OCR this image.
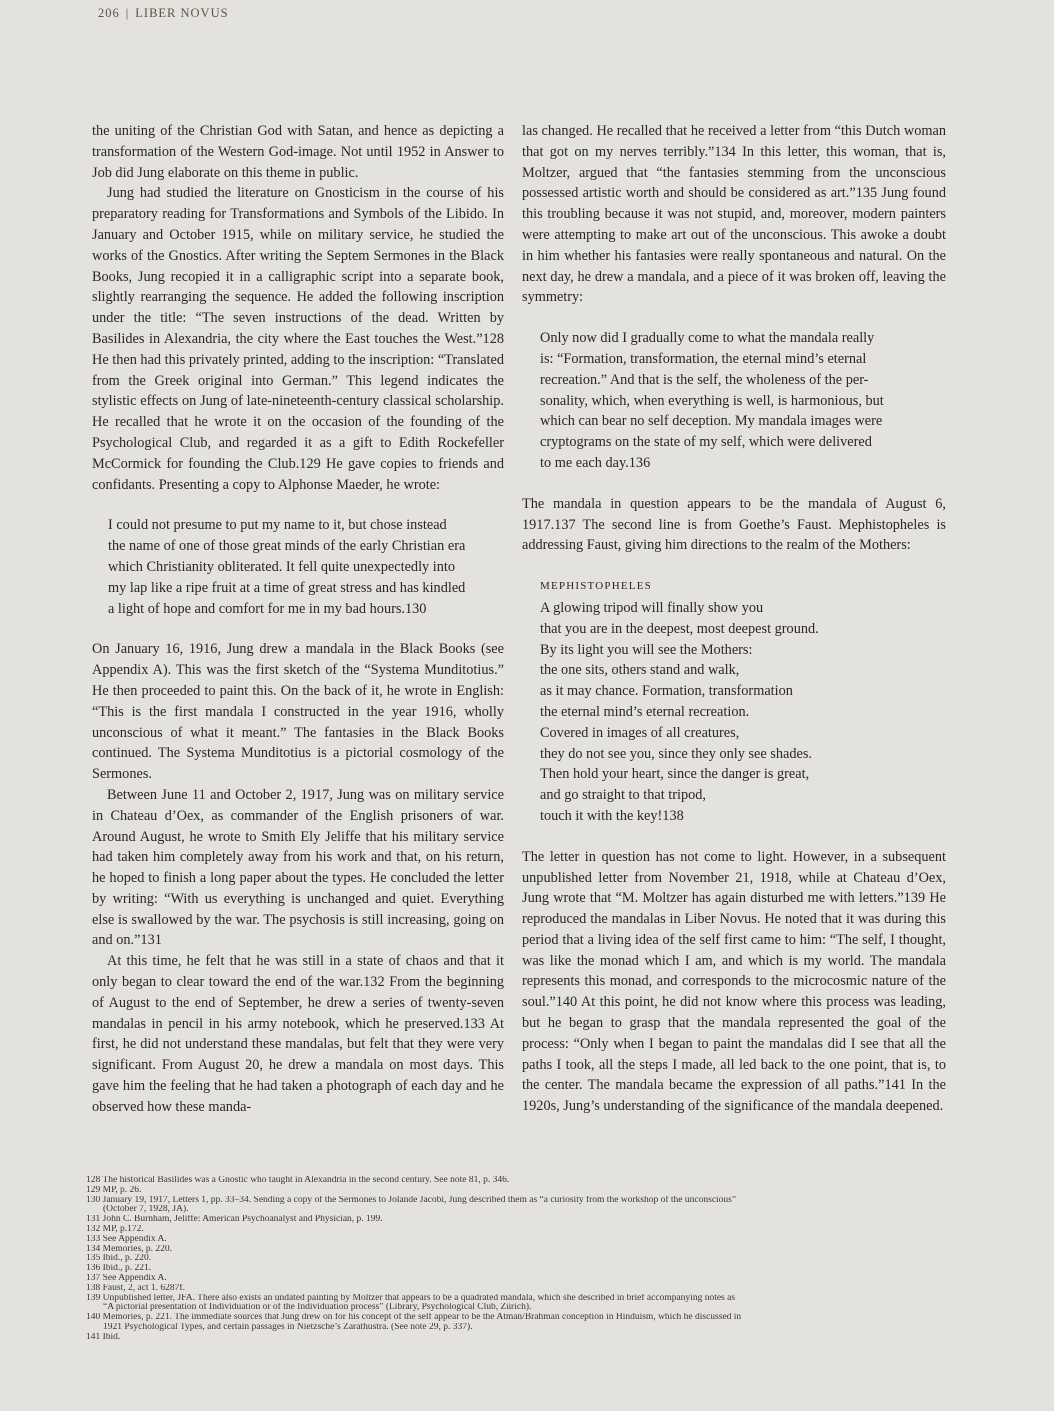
206 | LIBER NOVUS

the uniting of the Christian God with Satan, and hence as depicting a transformation of the Western God-image. Not until 1952 in Answer to Job did Jung elaborate on this theme in public.

Jung had studied the literature on Gnosticism in the course of his preparatory reading for Transformations and Symbols of the Libido. In January and October 1915, while on military service, he studied the works of the Gnostics. After writing the Septem Sermones in the Black Books, Jung recopied it in a calligraphic script into a separate book, slightly rearranging the sequence. He added the following inscription under the title: “The seven instructions of the dead. Written by Basilides in Alexandria, the city where the East touches the West.”128 He then had this privately printed, adding to the inscription: “Translated from the Greek original into German.” This legend indicates the stylistic effects on Jung of late-nineteenth-century classical scholarship. He recalled that he wrote it on the occasion of the founding of the Psychological Club, and regarded it as a gift to Edith Rockefeller McCormick for founding the Club.129 He gave copies to friends and confidants. Presenting a copy to Alphonse Maeder, he wrote:

I could not presume to put my name to it, but chose instead
the name of one of those great minds of the early Christian era
which Christianity obliterated. It fell quite unexpectedly into
my lap like a ripe fruit at a time of great stress and has kindled
a light of hope and comfort for me in my bad hours.130

On January 16, 1916, Jung drew a mandala in the Black Books (see Appendix A). This was the first sketch of the “Systema Munditotius.” He then proceeded to paint this. On the back of it, he wrote in English: “This is the first mandala I constructed in the year 1916, wholly unconscious of what it meant.” The fantasies in the Black Books continued. The Systema Munditotius is a pictorial cosmology of the Sermones.

Between June 11 and October 2, 1917, Jung was on military service in Chateau d’Oex, as commander of the English prisoners of war. Around August, he wrote to Smith Ely Jeliffe that his military service had taken him completely away from his work and that, on his return, he hoped to finish a long paper about the types. He concluded the letter by writing: “With us everything is unchanged and quiet. Everything else is swallowed by the war. The psychosis is still increasing, going on and on.”131

At this time, he felt that he was still in a state of chaos and that it only began to clear toward the end of the war.132 From the beginning of August to the end of September, he drew a series of twenty-seven mandalas in pencil in his army notebook, which he preserved.133 At first, he did not understand these mandalas, but felt that they were very significant. From August 20, he drew a mandala on most days. This gave him the feeling that he had taken a photograph of each day and he observed how these manda-

las changed. He recalled that he received a letter from “this Dutch woman that got on my nerves terribly.”134 In this letter, this woman, that is, Moltzer, argued that “the fantasies stemming from the unconscious possessed artistic worth and should be considered as art.”135 Jung found this troubling because it was not stupid, and, moreover, modern painters were attempting to make art out of the unconscious. This awoke a doubt in him whether his fantasies were really spontaneous and natural. On the next day, he drew a mandala, and a piece of it was broken off, leaving the symmetry:

Only now did I gradually come to what the mandala really
is: “Formation, transformation, the eternal mind’s eternal
recreation.” And that is the self, the wholeness of the per-
sonality, which, when everything is well, is harmonious, but
which can bear no self deception. My mandala images were
cryptograms on the state of my self, which were delivered
to me each day.136

The mandala in question appears to be the mandala of August 6, 1917.137 The second line is from Goethe’s Faust. Mephistopheles is addressing Faust, giving him directions to the realm of the Mothers:

MEPHISTOPHELES
A glowing tripod will finally show you
that you are in the deepest, most deepest ground.
By its light you will see the Mothers:
the one sits, others stand and walk,
as it may chance. Formation, transformation
the eternal mind’s eternal recreation.
Covered in images of all creatures,
they do not see you, since they only see shades.
Then hold your heart, since the danger is great,
and go straight to that tripod,
touch it with the key!138

The letter in question has not come to light. However, in a subsequent unpublished letter from November 21, 1918, while at Chateau d’Oex, Jung wrote that “M. Moltzer has again disturbed me with letters.”139 He reproduced the mandalas in Liber Novus. He noted that it was during this period that a living idea of the self first came to him: “The self, I thought, was like the monad which I am, and which is my world. The mandala represents this monad, and corresponds to the microcosmic nature of the soul.”140 At this point, he did not know where this process was leading, but he began to grasp that the mandala represented the goal of the process: “Only when I began to paint the mandalas did I see that all the paths I took, all the steps I made, all led back to the one point, that is, to the center. The mandala became the expression of all paths.”141 In the 1920s, Jung’s understanding of the significance of the mandala deepened.

128 The historical Basilides was a Gnostic who taught in Alexandria in the second century. See note 81, p. 346.
129 MP, p. 26.
130 January 19, 1917, Letters 1, pp. 33–34. Sending a copy of the Sermones to Jolande Jacobi, Jung described them as “a curiosity from the workshop of the unconscious”
(October 7, 1928, JA).
131 John C. Burnham, Jeliffe: American Psychoanalyst and Physician, p. 199.
132 MP, p.172.
133 See Appendix A.
134 Memories, p. 220.
135 Ibid., p. 220.
136 Ibid., p. 221.
137 See Appendix A.
138 Faust, 2, act 1. 6287f.
139 Unpublished letter, JFA. There also exists an undated painting by Moltzer that appears to be a quadrated mandala, which she described in brief accompanying notes as
“A pictorial presentation of Individuation or of the Individuation process” (Library, Psychological Club, Zürich).
140 Memories, p. 221. The immediate sources that Jung drew on for his concept of the self appear to be the Atman/Brahman conception in Hinduism, which he discussed in
1921 Psychological Types, and certain passages in Nietzsche’s Zarathustra. (See note 29, p. 337).
141 Ibid.
